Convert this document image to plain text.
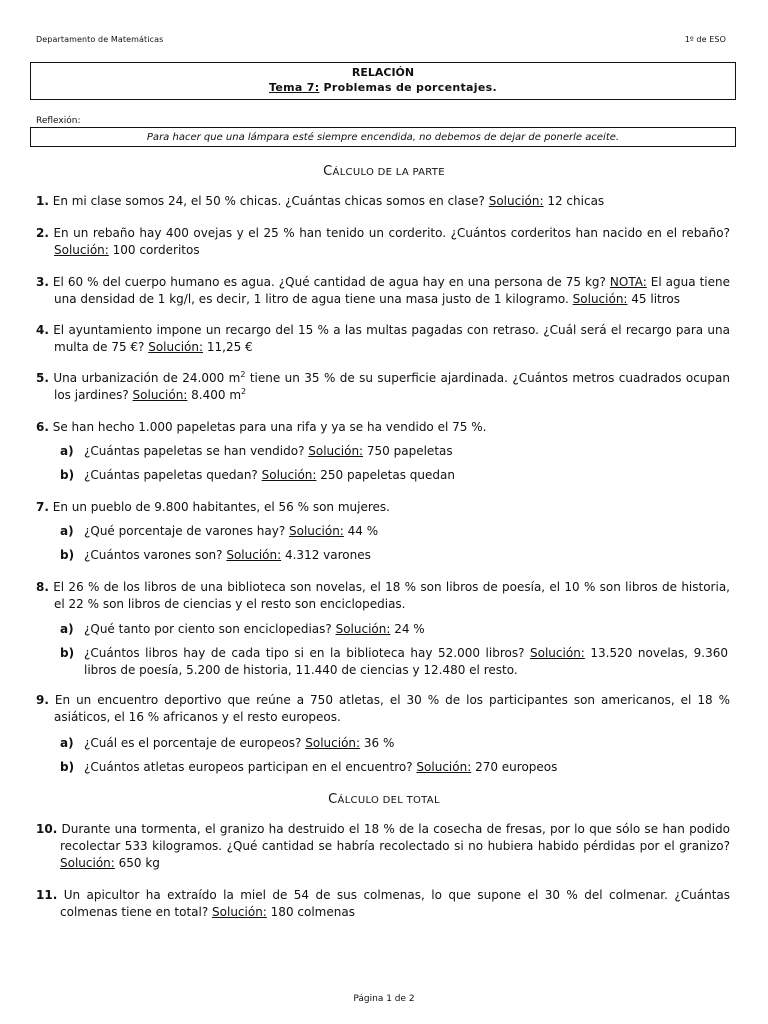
Departamento de Matemáticas	1º de ESO
RELACIÓN
Tema 7: Problemas de porcentajes.
Reflexión:
Para hacer que una lámpara esté siempre encendida, no debemos de dejar de ponerle aceite.
CÁLCULO DE LA PARTE
1. En mi clase somos 24, el 50 % chicas. ¿Cuántas chicas somos en clase? Solución: 12 chicas
2. En un rebaño hay 400 ovejas y el 25 % han tenido un corderito. ¿Cuántos corderitos han nacido en el rebaño? Solución: 100 corderitos
3. El 60 % del cuerpo humano es agua. ¿Qué cantidad de agua hay en una persona de 75 kg? NOTA: El agua tiene una densidad de 1 kg/l, es decir, 1 litro de agua tiene una masa justo de 1 kilogramo. Solución: 45 litros
4. El ayuntamiento impone un recargo del 15 % a las multas pagadas con retraso. ¿Cuál será el recargo para una multa de 75 €? Solución: 11,25 €
5. Una urbanización de 24.000 $m^2$ tiene un 35 % de su superficie ajardinada. ¿Cuántos metros cuadrados ocupan los jardines? Solución: 8.400 $m^2$
6. Se han hecho 1.000 papeletas para una rifa y ya se ha vendido el 75 %.
a) ¿Cuántas papeletas se han vendido? Solución: 750 papeletas
b) ¿Cuántas papeletas quedan? Solución: 250 papeletas quedan
7. En un pueblo de 9.800 habitantes, el 56 % son mujeres.
a) ¿Qué porcentaje de varones hay? Solución: 44 %
b) ¿Cuántos varones son? Solución: 4.312 varones
8. El 26 % de los libros de una biblioteca son novelas, el 18 % son libros de poesía, el 10 % son libros de historia, el 22 % son libros de ciencias y el resto son enciclopedias.
a) ¿Qué tanto por ciento son enciclopedias? Solución: 24 %
b) ¿Cuántos libros hay de cada tipo si en la biblioteca hay 52.000 libros? Solución: 13.520 novelas, 9.360 libros de poesía, 5.200 de historia, 11.440 de ciencias y 12.480 el resto.
9. En un encuentro deportivo que reúne a 750 atletas, el 30 % de los participantes son americanos, el 18 % asiáticos, el 16 % africanos y el resto europeos.
a) ¿Cuál es el porcentaje de europeos? Solución: 36 %
b) ¿Cuántos atletas europeos participan en el encuentro? Solución: 270 europeos
CÁLCULO DEL TOTAL
10. Durante una tormenta, el granizo ha destruido el 18 % de la cosecha de fresas, por lo que sólo se han podido recolectar 533 kilogramos. ¿Qué cantidad se habría recolectado si no hubiera habido pérdidas por el granizo? Solución: 650 kg
11. Un apicultor ha extraído la miel de 54 de sus colmenas, lo que supone el 30 % del colmenar. ¿Cuántas colmenas tiene en total? Solución: 180 colmenas
Página 1 de 2
